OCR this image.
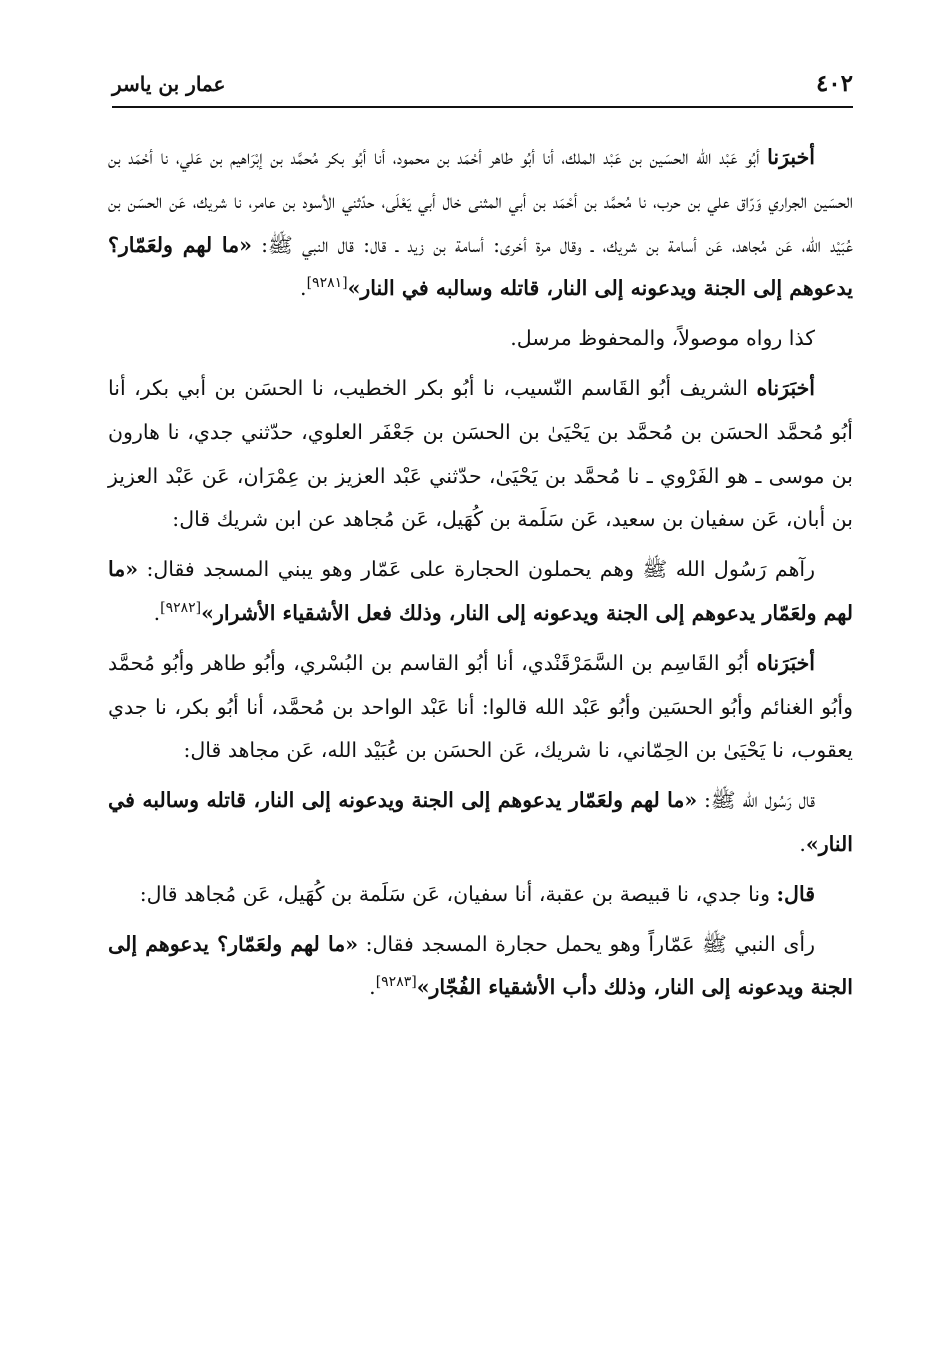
٤٠٢
عمار بن ياسر

أخبرَنا أبُو عَبْد الله الحسَين بن عَبْد الملك، أنا أبُو طاهر أحْمَد بن محمود، أنا أبُو بكر مُحمَّد بن إبْرَاهيم بن عَلي، نا أحْمَد بن الحسَين الجراري وَرّاق علي بن حرب، نا مُحمَّد بن أحْمَد بن أبي المثنى خال أبي يَعْلَى، حدّثني الأسود بن عامر، نا شريك، عَن الحسَن بن عُبَيْد الله، عَن مُجاهد، عَن أسامة بن شريك، ـ وقال مرة أخرى: أسامة بن زيد ـ قال: قال النبي ﷺ: «ما لهم ولعَمّار؟ يدعوهم إلى الجنة ويدعونه إلى النار، قاتله وسالبه في النار»[٩٢٨١].

كذا رواه موصولاً، والمحفوظ مرسل.

أخبَرَناه الشريف أبُو القَاسم النّسيب، نا أبُو بكر الخطيب، نا الحسَن بن أبي بكر، أنا أبُو مُحمَّد الحسَن بن مُحمَّد بن يَحْيَىٰ بن الحسَن بن جَعْفَر العلوي، حدّثني جدي، نا هارون بن موسى ـ هو الفَرْوي ـ نا مُحمَّد بن يَحْيَىٰ، حدّثني عَبْد العزيز بن عِمْرَان، عَن عَبْد العزيز بن أبان، عَن سفيان بن سعيد، عَن سَلَمة بن كُهَيل، عَن مُجاهد عن ابن شريك قال:

رآهم رَسُول الله ﷺ وهم يحملون الحجارة على عَمّار وهو يبني المسجد فقال: «ما لهم ولعَمّار يدعوهم إلى الجنة ويدعونه إلى النار، وذلك فعل الأشقياء الأشرار»[٩٢٨٢].

أخبَرَناه أبُو القَاسِم بن السَّمَرْقَنْدي، أنا أبُو القاسم بن البُسْري، وأبُو طاهر وأبُو مُحمَّد وأبُو الغنائم وأبُو الحسَين وأبُو عَبْد الله قالوا: أنا عَبْد الواحد بن مُحمَّد، أنا أبُو بكر، نا جدي يعقوب، نا يَحْيَىٰ بن الحِمّاني، نا شريك، عَن الحسَن بن عُبَيْد الله، عَن مجاهد قال:

قال رَسُول الله ﷺ: «ما لهم ولعَمّار يدعوهم إلى الجنة ويدعونه إلى النار، قاتله وسالبه في النار».

قال: ونا جدي، نا قبيصة بن عقبة، أنا سفيان، عَن سَلَمة بن كُهَيل، عَن مُجاهد قال:

رأى النبي ﷺ عَمّاراً وهو يحمل حجارة المسجد فقال: «ما لهم ولعَمّار؟ يدعوهم إلى الجنة ويدعونه إلى النار، وذلك دأب الأشقياء الفُجّار»[٩٢٨٣].
